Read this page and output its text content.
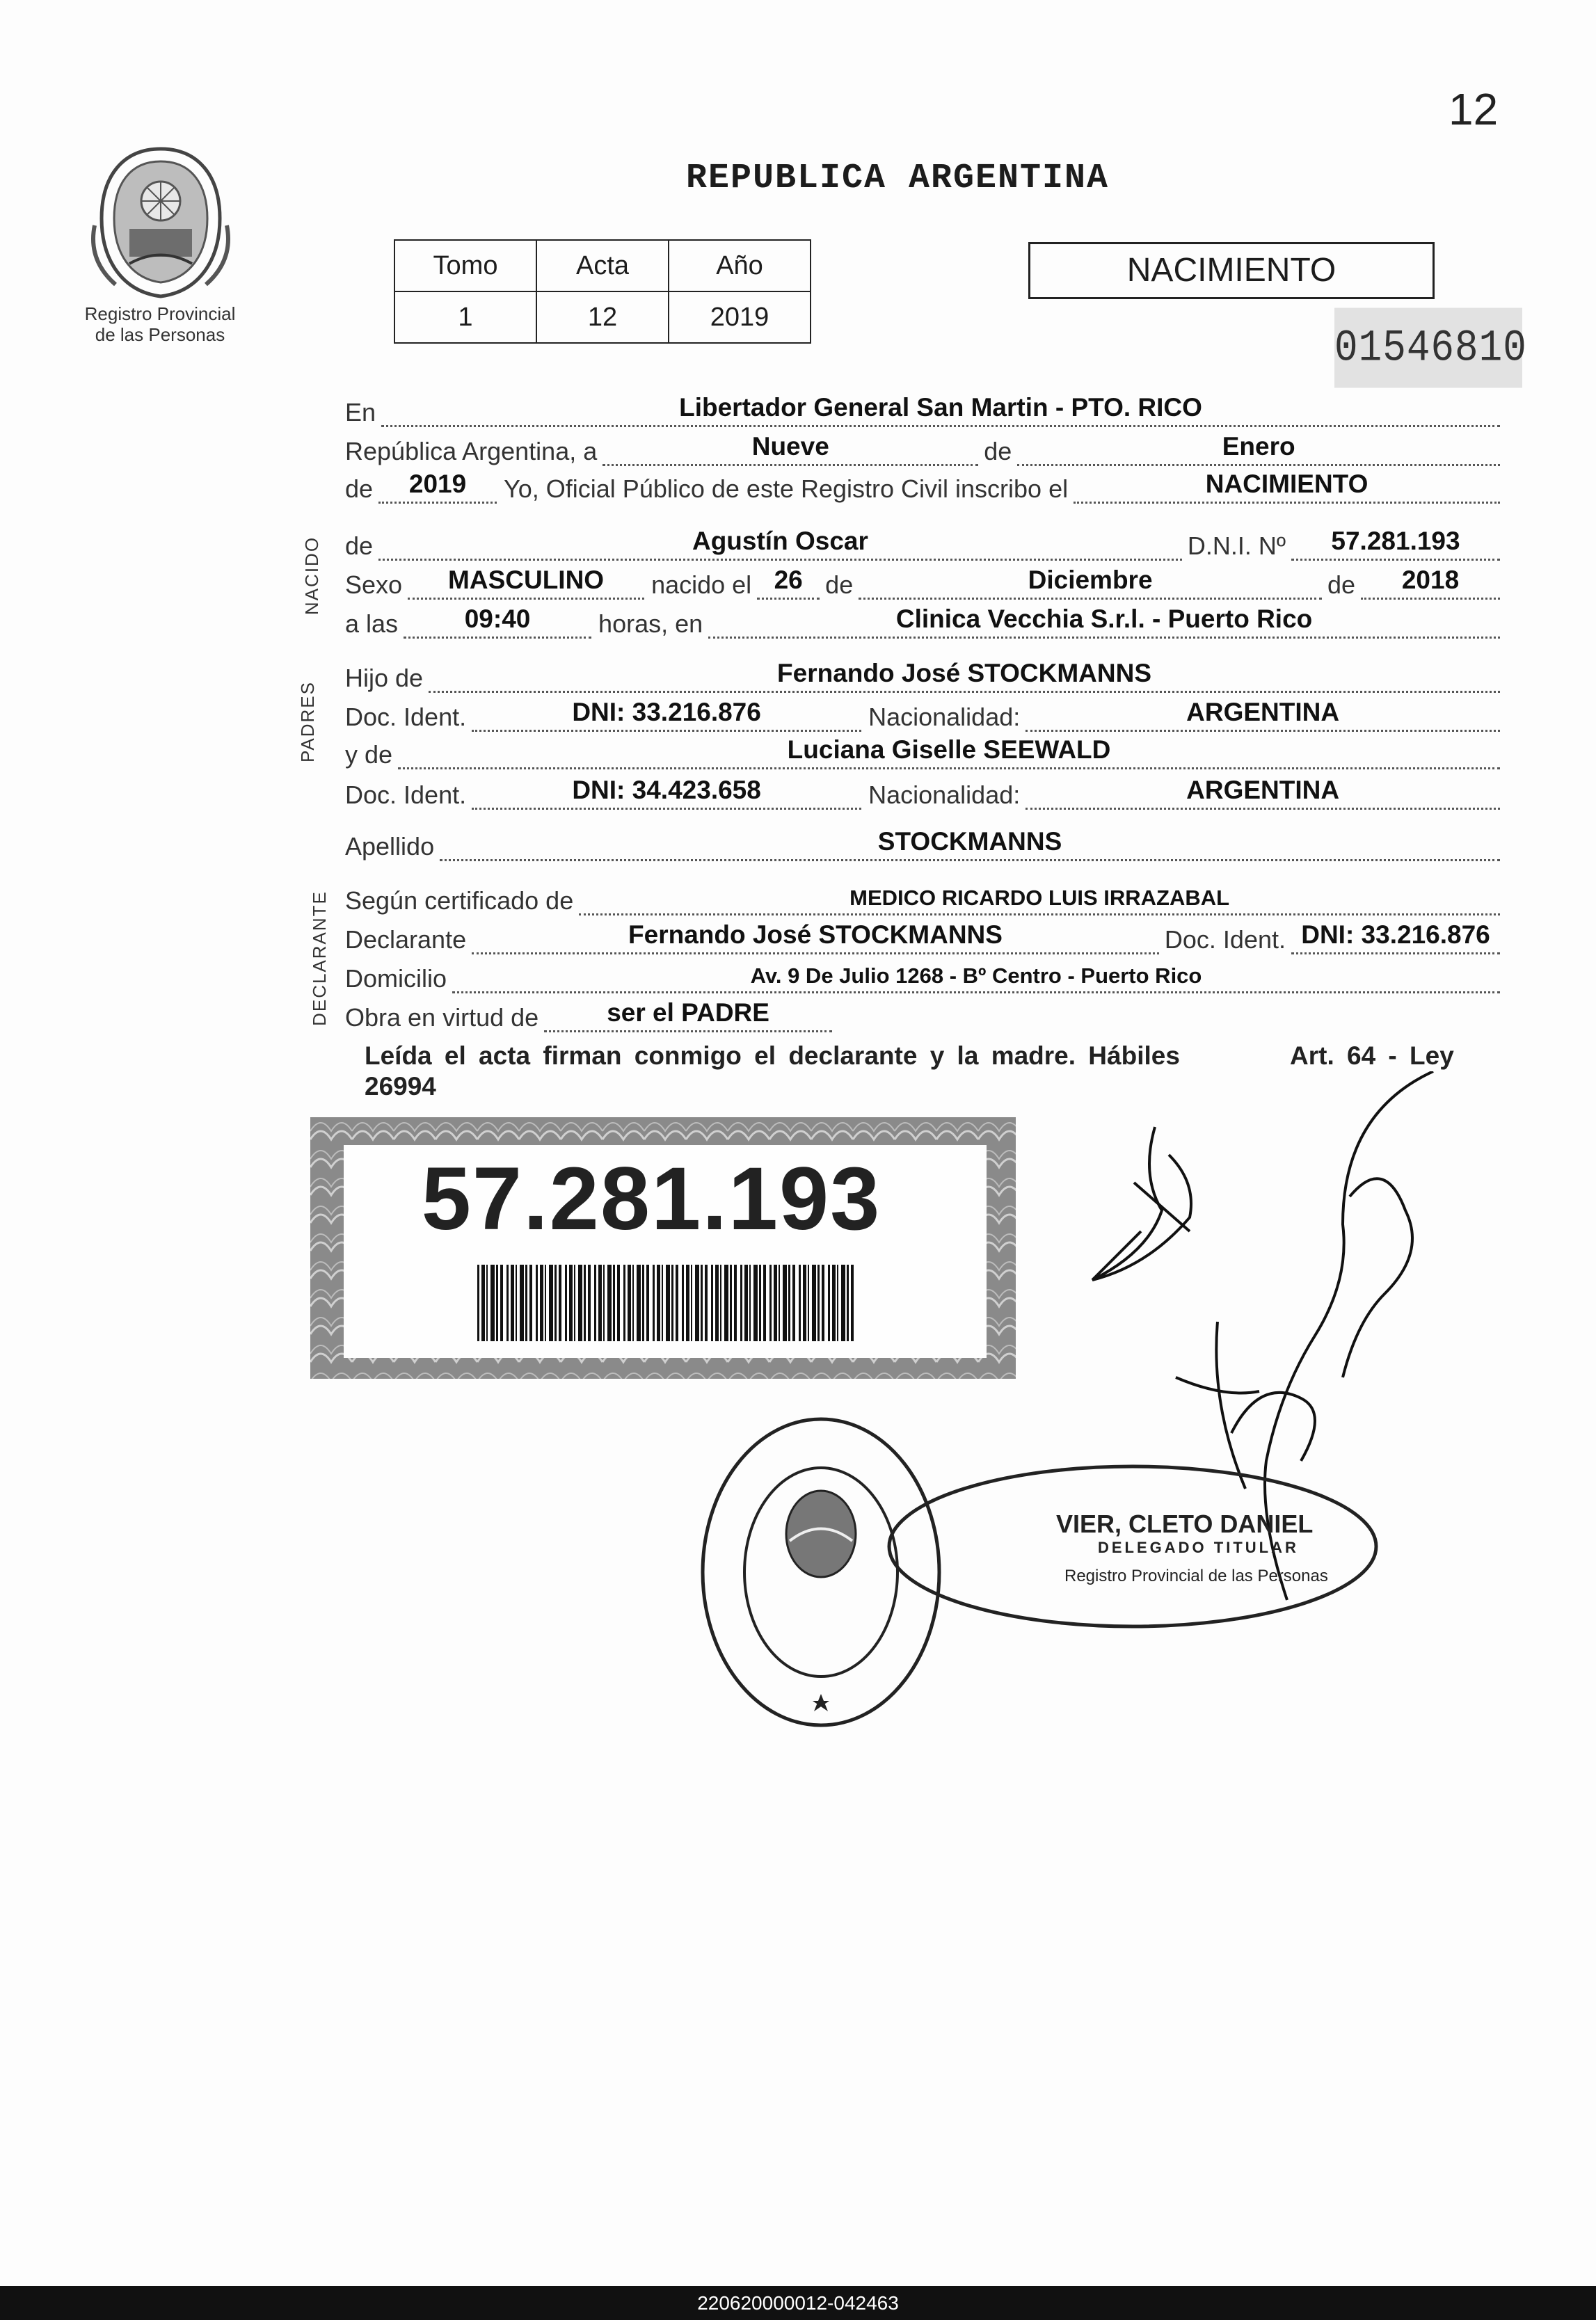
12
Registro Provincial
de las Personas
REPUBLICA ARGENTINA
Tomo	Acta	Año
1	12	2019
NACIMIENTO
01546810
NACIDO
PADRES
DECLARANTE
En	Libertador General San Martin - PTO. RICO
República Argentina, a	Nueve	de	Enero
de	2019	Yo, Oficial Público de este Registro Civil inscribo el	NACIMIENTO
de	Agustín Oscar	D.N.I. Nº	57.281.193
Sexo	MASCULINO	nacido el 26 de	Diciembre	de	2018
a las	09:40	horas, en	Clinica Vecchia S.r.l. - Puerto Rico
Hijo de	Fernando José STOCKMANNS
Doc. Ident.	DNI: 33.216.876	Nacionalidad:	ARGENTINA
y de	Luciana Giselle SEEWALD
Doc. Ident.	DNI: 34.423.658	Nacionalidad:	ARGENTINA
Apellido	STOCKMANNS
Según certificado de	MEDICO RICARDO LUIS IRRAZABAL
Declarante	Fernando José STOCKMANNS	Doc. Ident. DNI: 33.216.876
Domicilio	Av. 9 De Julio 1268 - Bº Centro - Puerto Rico
Obra en virtud de	ser el PADRE
Leída el acta firman conmigo el declarante y la madre. Hábiles
26994
Art. 64 - Ley
57.281.193
VIER, CLETO DANIEL
DELEGADO TITULAR
Registro Provincial de las Personas
220620000012-042463
